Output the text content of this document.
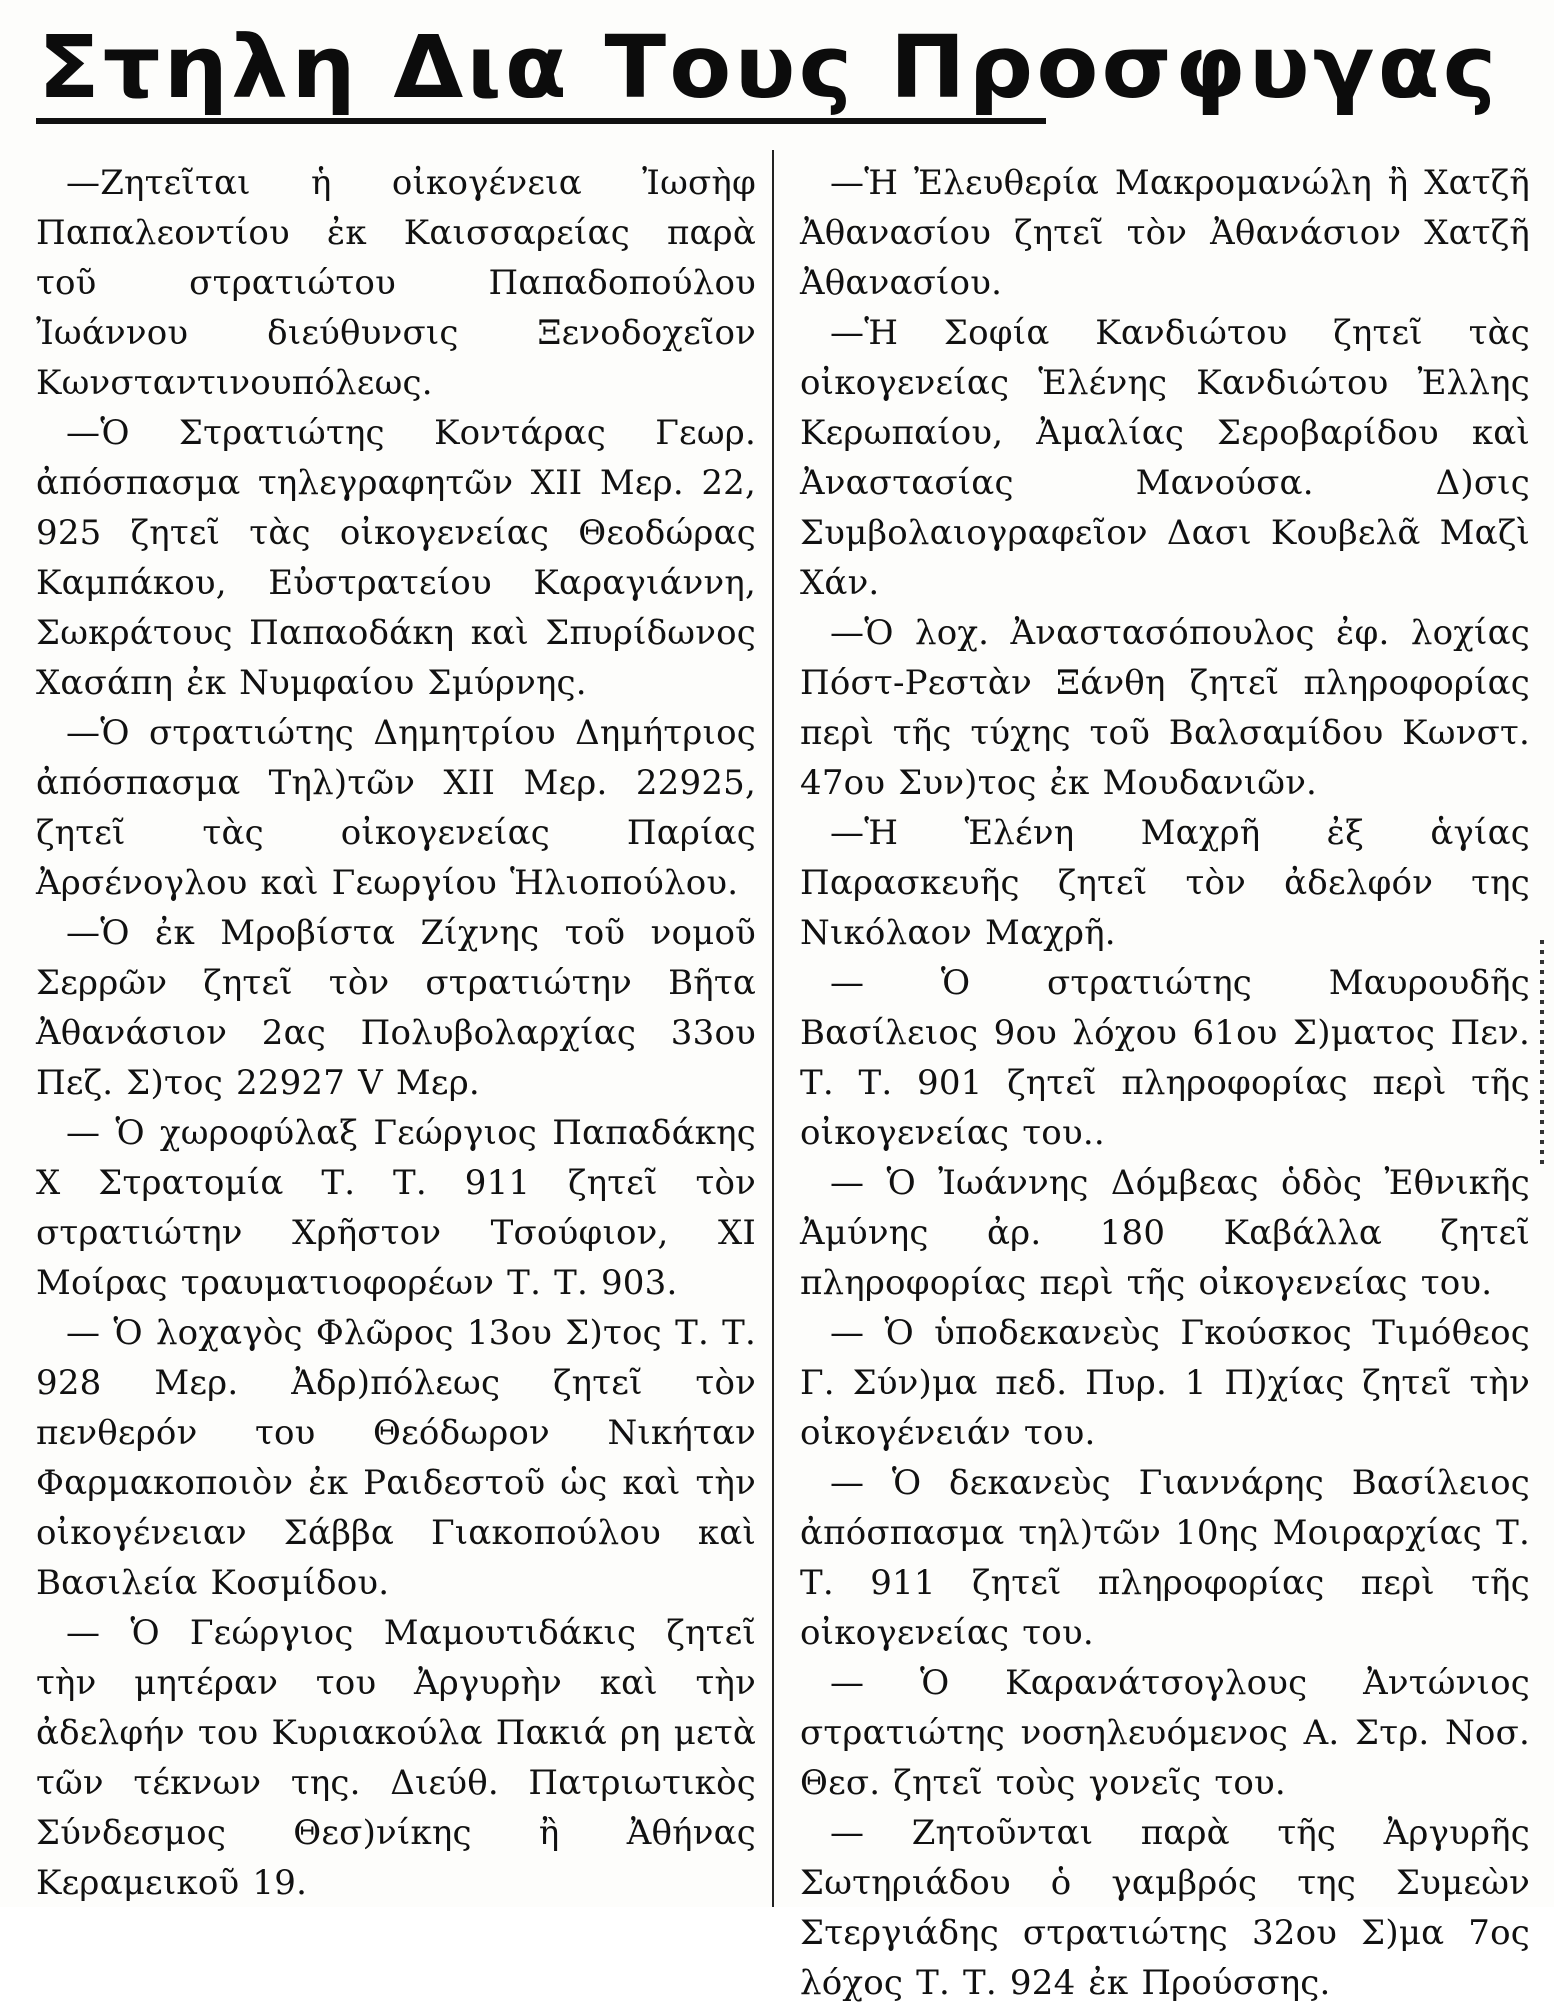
Στηλη Δια Τους Προσφυγας

—Ζητεῖται ἡ οἰκογένεια Ἰωσὴφ Παπαλεοντίου ἐκ Καισσαρείας παρὰ τοῦ στρατιώτου Παπαδοπούλου Ἰωάννου διεύθυνσις Ξενοδοχεῖον Κωνσταντινουπόλεως.

—Ὁ Στρατιώτης Κοντάρας Γεωρ. ἀπόσπασμα τηλεγραφητῶν XII Μερ. 22, 925 ζητεῖ τὰς οἰκογενείας Θεοδώρας Καμπάκου, Εὐστρατείου Καραγιάννη, Σωκράτους Παπαοδάκη καὶ Σπυρίδωνος Χασάπη ἐκ Νυμφαίου Σμύρνης.

—Ὁ στρατιώτης Δημητρίου Δημήτριος ἀπόσπασμα Τηλ)τῶν XII Μερ. 22925, ζητεῖ τὰς οἰκογενείας Παρίας Ἀρσένογλου καὶ Γεωργίου Ἡλιοπούλου.

—Ὁ ἐκ Μροβίστα Ζίχνης τοῦ νομοῦ Σερρῶν ζητεῖ τὸν στρατιώτην Βῆτα Ἀθανάσιον 2ας Πολυβολαρχίας 33ου Πεζ. Σ)τος 22927 V Μερ.

— Ὁ χωροφύλαξ Γεώργιος Παπαδάκης X Στρατομία Τ. Τ. 911 ζητεῖ τὸν στρατιώτην Χρῆστον Τσούφιον, XI Μοίρας τραυματιοφορέων Τ. Τ. 903.

— Ὁ λοχαγὸς Φλῶρος 13ου Σ)τος Τ. Τ. 928 Μερ. Ἀδρ)πόλεως ζητεῖ τὸν πενθερόν του Θεόδωρον Νικήταν Φαρμακοποιὸν ἐκ Ραιδεστοῦ ὡς καὶ τὴν οἰκογένειαν Σάββα Γιακοπούλου καὶ Βασιλεία Κοσμίδου.

— Ὁ Γεώργιος Μαμουτιδάκις ζητεῖ τὴν μητέραν του Ἀργυρὴν καὶ τὴν ἀδελφήν του Κυριακούλα Πακιά ρη μετὰ τῶν τέκνων της. Διεύθ. Πατριωτικὸς Σύνδεσμος Θεσ)νίκης ἢ Ἀθήνας Κεραμεικοῦ 19.

—Ἡ Ἐλευθερία Μακρομανώλη ἢ Χατζῆ Ἀθανασίου ζητεῖ τὸν Ἀθανάσιον Χατζῆ Ἀθανασίου.

—Ἡ Σοφία Κανδιώτου ζητεῖ τὰς οἰκογενείας Ἑλένης Κανδιώτου Ἐλλης Κερωπαίου, Ἀμαλίας Σεροβαρίδου καὶ Ἀναστασίας Μανούσα. Δ)σις Συμβολαιογραφεῖον Δασι Κουβελᾶ Μαζὶ Χάν.

—Ὁ λοχ. Ἀναστασόπουλος ἐφ. λοχίας Πόστ-Ρεστὰν Ξάνθη ζητεῖ πληροφορίας περὶ τῆς τύχης τοῦ Βαλσαμίδου Κωνστ. 47ου Συν)τος ἐκ Μουδανιῶν.

—Ἡ Ἑλένη Μαχρῆ ἐξ ἁγίας Παρασκευῆς ζητεῖ τὸν ἀδελφόν της Νικόλαον Μαχρῆ.

— Ὁ στρατιώτης Μαυρουδῆς Βασίλειος 9ου λόχου 61ου Σ)ματος Πεν. Τ. Τ. 901 ζητεῖ πληροφορίας περὶ τῆς οἰκογενείας του..

— Ὁ Ἰωάννης Δόμβεας ὁδὸς Ἐθνικῆς Ἀμύνης ἀρ. 180 Καβάλλα ζητεῖ πληροφορίας περὶ τῆς οἰκογενείας του.

— Ὁ ὑποδεκανεὺς Γκούσκος Τιμόθεος Γ. Σύν)μα πεδ. Πυρ. 1 Π)χίας ζητεῖ τὴν οἰκογένειάν του.

— Ὁ δεκανεὺς Γιαννάρης Βασίλειος ἀπόσπασμα τηλ)τῶν 10ης Μοιραρχίας Τ. Τ. 911 ζητεῖ πληροφορίας περὶ τῆς οἰκογενείας του.

— Ὁ Καρανάτσογλους Ἀντώνιος στρατιώτης νοσηλευόμενος Α. Στρ. Νοσ. Θεσ. ζητεῖ τοὺς γονεῖς του.

— Ζητοῦνται παρὰ τῆς Ἀργυρῆς Σωτηριάδου ὁ γαμβρός της Συμεὼν Στεργιάδης στρατιώτης 32ου Σ)μα 7ος λόχος Τ. Τ. 924 ἐκ Προύσσης.
